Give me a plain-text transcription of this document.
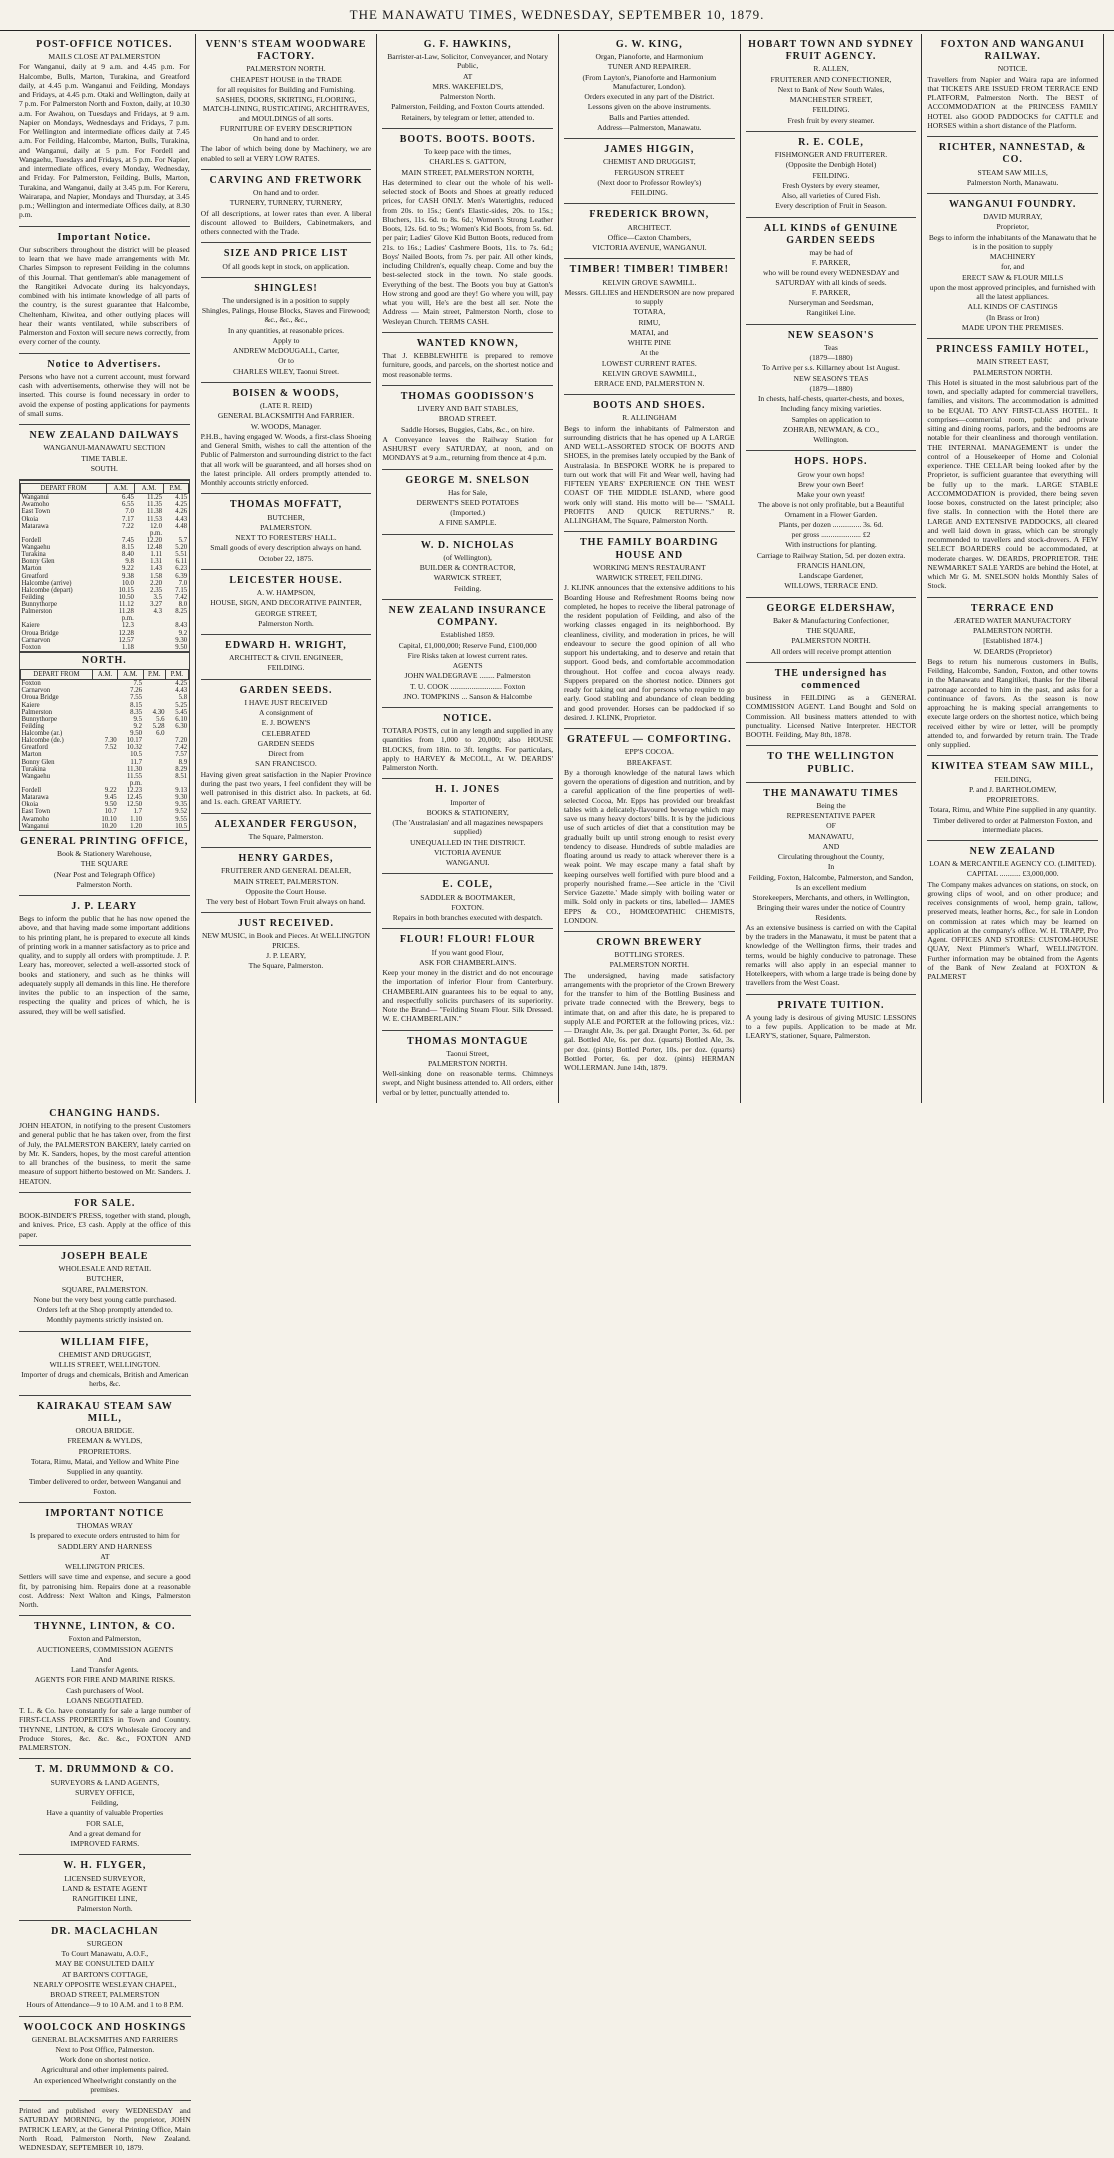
THE MANAWATU TIMES, WEDNESDAY, SEPTEMBER 10, 1879.

POST-OFFICE NOTICES.

MAILS CLOSE AT PALMERSTON

For Wanganui, daily at 9 a.m. and 4.45 p.m. For Halcombe, Bulls, Marton, Turakina, and Greatford daily, at 4.45 p.m. Wanganui and Feilding, Mondays and Fridays, at 4.45 p.m. Otaki and Wellington, daily at 7 p.m. For Palmerston North and Foxton, daily, at 10.30 a.m. For Awahou, on Tuesdays and Fridays, at 9 a.m. Napier on Mondays, Wednesdays and Fridays, 7 p.m. For Wellington and intermediate offices daily at 7.45 a.m. For Feilding, Halcombe, Marton, Bulls, Turakina, and Wanganui, daily at 5 p.m. For Fordell and Wangaehu, Tuesdays and Fridays, at 5 p.m. For Napier, and intermediate offices, every Monday, Wednesday, and Friday. For Palmerston, Feilding, Bulls, Marton, Turakina, and Wanganui, daily at 3.45 p.m. For Kereru, Wairarapa, and Napier, Mondays and Thursday, at 3.45 p.m.; Wellington and intermediate Offices daily, at 8.30 p.m.

Important Notice.

Our subscribers throughout the district will be pleased to learn that we have made arrangements with Mr. Charles Simpson to represent Feilding in the columns of this Journal. That gentleman's able management of the Rangitikei Advocate during its halcyondays, combined with his intimate knowledge of all parts of the country, is the surest guarantee that Halcombe, Cheltenham, Kiwitea, and other outlying places will hear their wants ventilated, while subscribers of Palmerston and Foxton will secure news correctly, from every corner of the county.

Notice to Advertisers.

Persons who have not a current account, must forward cash with advertisements, otherwise they will not be inserted. This course is found necessary in order to avoid the expense of posting applications for payments of small sums.

NEW ZEALAND DAILWAYS

WANGANUI-MANAWATU SECTION

TIME TABLE.

SOUTH.

DEPART FROM	A.M.	A.M.	P.M.
Wanganui	6.45	11.25	4.15
Awamoho	6.55	11.35	4.25
East Town	7.0	11.38	4.26
Okoia	7.17	11.53	4.43
Matarawa	7.22	12.0	4.48
		p.m.	
Fordell	7.45	12.20	5.7
Wangaehu	8.15	12.48	5.20
Turakina	8.40	1.11	5.51
Bonny Glen	9.8	1.31	6.11
Marton	9.22	1.43	6.23
Greatford	9.38	1.58	6.39
Halcombe (arrive)	10.0	2.20	7.0
Halcombe (depart)	10.15	2.35	7.15
Feilding	10.50	3.5	7.42
Bunnythorpe	11.12	3.27	8.0
Palmerston	11.28	4.3	8.25
	p.m.		
Kaiere	12.3		8.43
Oroua Bridge	12.28		9.2
Carnarvon	12.57		9.30
Foxton	1.18		9.50

NORTH.

DEPART FROM	A.M.	A.M.	P.M.	P.M.
Foxton		7.5		4.25
Carnarvon		7.26		4.43
Oroua Bridge		7.55		5.8
Kaiere		8.15		5.25
Palmerston		8.35	4.30	5.45
Bunnythorpe		9.5	5.6	6.10
Feilding		9.2	5.28	6.30
Halcombe (ar.)		9.50	6.0	
Halcombe (de.)	7.30	10.17		7.20
Greatford	7.52	10.32		7.42
Marton		10.5		7.57
Bonny Glen		11.7		8.9
Turakina		11.30		8.29
Wangaehu		11.55		8.51
		p.m.		
Fordell	9.22	12.23		9.13
Matarawa	9.45	12.45		9.30
Okoia	9.50	12.50		9.35
East Town	10.7	1.7		9.52
Awamoho	10.10	1.10		9.55
Wanganui	10.20	1.20		10.5

GENERAL PRINTING OFFICE,

Book & Stationery Warehouse,

THE SQUARE

(Near Post and Telegraph Office)

Palmerston North.

J. P. LEARY

Begs to inform the public that he has now opened the above, and that having made some important additions to his printing plant, he is prepared to execute all kinds of printing work in a manner satisfactory as to price and quality, and to supply all orders with promptitude. J. P. Leary has, moreover, selected a well-assorted stock of books and stationery, and such as he thinks will adequately supply all demands in this line. He therefore invites the public to an inspection of the same, respecting the quality and prices of which, he is assured, they will be well satisfied.

VENN'S STEAM WOODWARE FACTORY.

PALMERSTON NORTH.

CHEAPEST HOUSE in the TRADE

for all requisites for Building and Furnishing.

SASHES, DOORS, SKIRTING, FLOORING, MATCH-LINING, RUSTICATING, ARCHITRAVES, and MOULDINGS of all sorts.

FURNITURE OF EVERY DESCRIPTION

On hand and to order.

The labor of which being done by Machinery, we are enabled to sell at VERY LOW RATES.

CARVING AND FRETWORK

On hand and to order.

TURNERY, TURNERY, TURNERY,

Of all descriptions, at lower rates than ever. A liberal discount allowed to Builders, Cabinetmakers, and others connected with the Trade.

SIZE AND PRICE LIST

Of all goods kept in stock, on application.

SHINGLES!

The undersigned is in a position to supply

Shingles, Palings, House Blocks, Staves and Firewood; &c., &c., &c.,

In any quantities, at reasonable prices.

Apply to

ANDREW McDOUGALL, Carter,

Or to

CHARLES WILEY, Taonui Street.

BOISEN & WOODS,

(LATE R. REID)

GENERAL BLACKSMITH And FARRIER.

W. WOODS, Manager.

P.H.B., having engaged W. Woods, a first-class Shoeing and General Smith, wishes to call the attention of the Public of Palmerston and surrounding district to the fact that all work will be guaranteed, and all horses shod on the latest principle. All orders promptly attended to. Monthly accounts strictly enforced.

THOMAS MOFFATT,

BUTCHER,

PALMERSTON.

NEXT TO FORESTERS' HALL.

Small goods of every description always on hand.

October 22, 1875.

LEICESTER HOUSE.

A. W. HAMPSON,

HOUSE, SIGN, AND DECORATIVE PAINTER,

GEORGE STREET,

Palmerston North.

EDWARD H. WRIGHT,

ARCHITECT & CIVIL ENGINEER,

FEILDING.

GARDEN SEEDS.

I HAVE JUST RECEIVED

A consignment of

E. J. BOWEN'S

CELEBRATED

GARDEN SEEDS

Direct from

SAN FRANCISCO.

Having given great satisfaction in the Napier Province during the past two years, I feel confident they will be well patronised in this district also. In packets, at 6d. and 1s. each. GREAT VARIETY.

ALEXANDER FERGUSON,

The Square, Palmerston.

HENRY GARDES,

FRUITERER AND GENERAL DEALER,

MAIN STREET, PALMERSTON.

Opposite the Court House.

The very best of Hobart Town Fruit always on hand.

JUST RECEIVED.

NEW MUSIC, in Book and Pieces. At WELLINGTON PRICES.

J. P. LEARY,

The Square, Palmerston.

G. F. HAWKINS,

Barrister-at-Law, Solicitor, Conveyancer, and Notary Public,

AT

MRS. WAKEFIELD'S,

Palmerston North.

Palmerston, Feilding, and Foxton Courts attended.

Retainers, by telegram or letter, attended to.

BOOTS. BOOTS. BOOTS.

To keep pace with the times,

CHARLES S. GATTON,

MAIN STREET, PALMERSTON NORTH,

Has determined to clear out the whole of his well-selected stock of Boots and Shoes at greatly reduced prices, for CASH ONLY. Men's Watertights, reduced from 20s. to 15s.; Gent's Elastic-sides, 20s. to 15s.; Bluchers, 11s. 6d. to 8s. 6d.; Women's Strong Leather Boots, 12s. 6d. to 9s.; Women's Kid Boots, from 5s. 6d. per pair; Ladies' Glove Kid Button Boots, reduced from 21s. to 16s.; Ladies' Cashmere Boots, 11s. to 7s. 6d.; Boys' Nailed Boots, from 7s. per pair. All other kinds, including Children's, equally cheap. Come and buy the best-selected stock in the town. No stale goods. Everything of the best. The Boots you buy at Gatton's How strong and good are they! Go where you will, pay what you will, He's are the best all ser. Note the Address — Main street, Palmerston North, close to Wesleyan Church. TERMS CASH.

WANTED KNOWN,

That J. KEBBLEWHITE is prepared to remove furniture, goods, and parcels, on the shortest notice and most reasonable terms.

THOMAS GOODISSON'S

LIVERY AND BAIT STABLES,

BROAD STREET.

Saddle Horses, Buggies, Cabs, &c., on hire.

A Conveyance leaves the Railway Station for ASHURST every SATURDAY, at noon, and on MONDAYS at 9 a.m., returning from thence at 4 p.m.

GEORGE M. SNELSON

Has for Sale,

DERWENT'S SEED POTATOES

(Imported.)

A FINE SAMPLE.

W. D. NICHOLAS

(of Wellington),

BUILDER & CONTRACTOR,

WARWICK STREET,

Feilding.

NEW ZEALAND INSURANCE COMPANY.

Established 1859.

Capital, £1,000,000; Reserve Fund, £100,000

Fire Risks taken at lowest current rates.

AGENTS

JOHN WALDEGRAVE ........ Palmerston

T. U. COOK ........................... Foxton

JNO. TOMPKINS ... Sanson & Halcombe

NOTICE.

TOTARA POSTS, cut in any length and supplied in any quantities from 1,000 to 20,000; also HOUSE BLOCKS, from 18in. to 3ft. lengths. For particulars, apply to HARVEY & McCOLL, At W. DEARDS' Palmerston North.

H. I. JONES

Importer of

BOOKS & STATIONERY,

(The 'Australasian' and all magazines newspapers supplied)

UNEQUALLED IN THE DISTRICT.

VICTORIA AVENUE

WANGANUI.

E. COLE,

SADDLER & BOOTMAKER,

FOXTON.

Repairs in both branches executed with despatch.

FLOUR! FLOUR! FLOUR

If you want good Flour,

ASK FOR CHAMBERLAIN'S.

Keep your money in the district and do not encourage the importation of inferior Flour from Canterbury. CHAMBERLAIN guarantees his to be equal to any, and respectfully solicits purchasers of its superiority. Note the Brand— "Feilding Steam Flour. Silk Dressed. W. E. CHAMBERLAIN."

THOMAS MONTAGUE

Taonui Street,

PALMERSTON NORTH.

Well-sinking done on reasonable terms. Chimneys swept, and Night business attended to. All orders, either verbal or by letter, punctually attended to.

G. W. KING,

Organ, Pianoforte, and Harmonium

TUNER AND REPAIRER.

(From Layton's, Pianoforte and Harmonium Manufacturer, London).

Orders executed in any part of the District.

Lessons given on the above instruments.

Balls and Parties attended.

Address—Palmerston, Manawatu.

JAMES HIGGIN,

CHEMIST AND DRUGGIST,

FERGUSON STREET

(Next door to Professor Rowley's)

FEILDING.

FREDERICK BROWN,

ARCHITECT.

Office—Caxton Chambers,

VICTORIA AVENUE, WANGANUI.

TIMBER! TIMBER! TIMBER!

KELVIN GROVE SAWMILL.

Messrs. GILLIES and HENDERSON are now prepared to supply

TOTARA,

RIMU,

MATAI, and

WHITE PINE

At the

LOWEST CURRENT RATES.

KELVIN GROVE SAWMILL,

ERRACE END, PALMERSTON N.

BOOTS AND SHOES.

R. ALLINGHAM

Begs to inform the inhabitants of Palmerston and surrounding districts that he has opened up A LARGE AND WELL-ASSORTED STOCK OF BOOTS AND SHOES, in the premises lately occupied by the Bank of Australasia. In BESPOKE WORK he is prepared to turn out work that will Fit and Wear well, having had FIFTEEN YEARS' EXPERIENCE ON THE WEST COAST OF THE MIDDLE ISLAND, where good work only will stand. His motto will be— "SMALL PROFITS AND QUICK RETURNS." R. ALLINGHAM, The Square, Palmerston North.

THE FAMILY BOARDING HOUSE AND

WORKING MEN'S RESTAURANT

WARWICK STREET, FEILDING.

J. KLINK announces that the extensive additions to his Boarding House and Refreshment Rooms being now completed, he hopes to receive the liberal patronage of the resident population of Feilding, and also of the working classes engaged in its neighborhood. By cleanliness, civility, and moderation in prices, he will endeavour to secure the good opinion of all who support his undertaking, and to deserve and retain that support. Good beds, and comfortable accommodation throughout. Hot coffee and cocoa always ready. Suppers prepared on the shortest notice. Dinners got ready for taking out and for persons who require to go early. Good stabling and abundance of clean bedding and good provender. Horses can be paddocked if so desired. J. KLINK, Proprietor.

GRATEFUL — COMFORTING.

EPP'S COCOA.

BREAKFAST.

By a thorough knowledge of the natural laws which govern the operations of digestion and nutrition, and by a careful application of the fine properties of well-selected Cocoa, Mr. Epps has provided our breakfast tables with a delicately-flavoured beverage which may save us many heavy doctors' bills. It is by the judicious use of such articles of diet that a constitution may be gradually built up until strong enough to resist every tendency to disease. Hundreds of subtle maladies are floating around us ready to attack wherever there is a weak point. We may escape many a fatal shaft by keeping ourselves well fortified with pure blood and a properly nourished frame.—See article in the 'Civil Service Gazette.' Made simply with boiling water or milk. Sold only in packets or tins, labelled— JAMES EPPS & CO., HOMŒOPATHIC CHEMISTS, LONDON.

CROWN BREWERY

BOTTLING STORES.

PALMERSTON NORTH.

The undersigned, having made satisfactory arrangements with the proprietor of the Crown Brewery for the transfer to him of the Bottling Business and private trade connected with the Brewery, begs to intimate that, on and after this date, he is prepared to supply ALE and PORTER at the following prices, viz.:— Draught Ale, 3s. per gal. Draught Porter, 3s. 6d. per gal. Bottled Ale, 6s. per doz. (quarts) Bottled Ale, 3s. per doz. (pints) Bottled Porter, 10s. per doz. (quarts) Bottled Porter, 6s. per doz. (pints) HERMAN WOLLERMAN. June 14th, 1879.

HOBART TOWN AND SYDNEY FRUIT AGENCY.

R. ALLEN,

FRUITERER AND CONFECTIONER,

Next to Bank of New South Wales,

MANCHESTER STREET,

FEILDING.

Fresh fruit by every steamer.

R. E. COLE,

FISHMONGER AND FRUITERER.

(Opposite the Denbigh Hotel)

FEILDING.

Fresh Oysters by every steamer,

Also, all varieties of Cured Fish.

Every description of Fruit in Season.

ALL KINDS of GENUINE GARDEN SEEDS

may be had of

F. PARKER,

who will be round every WEDNESDAY and SATURDAY with all kinds of seeds.

F. PARKER,

Nurseryman and Seedsman,

Rangitikei Line.

NEW SEASON'S

Teas

(1879—1880)

To Arrive per s.s. Killarney about 1st August.

NEW SEASON'S TEAS

(1879—1880)

In chests, half-chests, quarter-chests, and boxes,

Including fancy mixing varieties.

Samples on application to

ZOHRAB, NEWMAN, & CO.,

Wellington.

HOPS. HOPS.

Grow your own hops!

Brew your own Beer!

Make your own yeast!

The above is not only profitable, but a Beautiful Ornament in a Flower Garden.

Plants, per dozen ............... 3s. 6d.

per gross ..................... £2

With instructions for planting.

Carriage to Railway Station, 5d. per dozen extra.

FRANCIS HANLON,

Landscape Gardener,

WILLOWS, TERRACE END.

GEORGE ELDERSHAW,

Baker & Manufacturing Confectioner,

THE SQUARE,

PALMERSTON NORTH.

All orders will receive prompt attention

THE undersigned has commenced

business in FEILDING as a GENERAL COMMISSION AGENT. Land Bought and Sold on Commission. All business matters attended to with punctuality. Licensed Native Interpreter. HECTOR BOOTH. Feilding, May 8th, 1878.

TO THE WELLINGTON PUBLIC.

THE MANAWATU TIMES

Being the

REPRESENTATIVE PAPER

OF

MANAWATU,

AND

Circulating throughout the County,

In

Feilding, Foxton, Halcombe, Palmerston, and Sandon,

Is an excellent medium

Storekeepers, Merchants, and others, in Wellington,

Bringing their wares under the notice of Country Residents.

As an extensive business is carried on with the Capital by the traders in the Manawatu, it must be patent that a knowledge of the Wellington firms, their trades and terms, would be highly conducive to patronage. These remarks will also apply in an especial manner to Hotelkeepers, with whom a large trade is being done by travellers from the West Coast.

PRIVATE TUITION.

A young lady is desirous of giving MUSIC LESSONS to a few pupils. Application to be made at Mr. LEARY'S, stationer, Square, Palmerston.

FOXTON AND WANGANUI RAILWAY.

NOTICE.

Travellers from Napier and Waira rapa are informed that TICKETS ARE ISSUED FROM TERRACE END PLATFORM, Palmerston North. The BEST of ACCOMMODATION at the PRINCESS FAMILY HOTEL also GOOD PADDOCKS for CATTLE and HORSES within a short distance of the Platform.

RICHTER, NANNESTAD, & CO.

STEAM SAW MILLS,

Palmerston North, Manawatu.

WANGANUI FOUNDRY.

DAVID MURRAY,

Proprietor,

Begs to inform the inhabitants of the Manawatu that he is in the position to supply

MACHINERY

for, and

ERECT SAW & FLOUR MILLS

upon the most approved principles, and furnished with all the latest appliances.

ALL KINDS OF CASTINGS

(In Brass or Iron)

MADE UPON THE PREMISES.

PRINCESS FAMILY HOTEL,

MAIN STREET EAST,

PALMERSTON NORTH.

This Hotel is situated in the most salubrious part of the town, and specially adapted for commercial travellers, families, and visitors. The accommodation is admitted to be EQUAL TO ANY FIRST-CLASS HOTEL. It comprises—commercial room, public and private sitting and dining rooms, parlors, and the bedrooms are notable for their cleanliness and thorough ventilation. THE INTERNAL MANAGEMENT is under the control of a Housekeeper of Home and Colonial experience. THE CELLAR being looked after by the Proprietor, is sufficient guarantee that everything will be fully up to the mark. LARGE STABLE ACCOMMODATION is provided, there being seven loose boxes, constructed on the latest principle; also five stalls. In connection with the Hotel there are LARGE AND EXTENSIVE PADDOCKS, all cleared and well laid down in grass, which can be strongly recommended to travellers and stock-drovers. A FEW SELECT BOARDERS could be accommodated, at moderate charges. W. DEARDS, PROPRIETOR. THE NEWMARKET SALE YARDS are behind the Hotel, at which Mr G. M. SNELSON holds Monthly Sales of Stock.

TERRACE END

ÆRATED WATER MANUFACTORY

PALMERSTON NORTH.

[Established 1874.]

W. DEARDS (Proprietor)

Begs to return his numerous customers in Bulls, Feilding, Halcombe, Sandon, Foxton, and other towns in the Manawatu and Rangitikei, thanks for the liberal patronage accorded to him in the past, and asks for a continuance of favors. As the season is now approaching he is making special arrangements to execute large orders on the shortest notice, which being received either by wire or letter, will be promptly attended to, and forwarded by return train. The Trade only supplied.

KIWITEA STEAM SAW MILL,

FEILDING,

P. and J. BARTHOLOMEW,

PROPRIETORS.

Totara, Rimu, and White Pine supplied in any quantity.

Timber delivered to order at Palmerston Foxton, and intermediate places.

NEW ZEALAND

LOAN & MERCANTILE AGENCY CO. (LIMITED).

CAPITAL ........... £3,000,000.

The Company makes advances on stations, on stock, on growing clips of wool, and on other produce; and receives consignments of wool, hemp grain, tallow, preserved meats, leather horns, &c., for sale in London on commission at rates which may be learned on application at the company's office. W. H. TRAPP, Pro Agent. OFFICES AND STORES: CUSTOM-HOUSE QUAY, Next Plimmer's Wharf, WELLINGTON. Further information may be obtained from the Agents of the Bank of New Zealand at FOXTON & PALMERST

CHANGING HANDS.

JOHN HEATON, in notifying to the present Customers and general public that he has taken over, from the first of July, the PALMERSTON BAKERY, lately carried on by Mr. K. Sanders, hopes, by the most careful attention to all branches of the business, to merit the same measure of support hitherto bestowed on Mr. Sanders. J. HEATON.

FOR SALE.

BOOK-BINDER'S PRESS, together with stand, plough, and knives. Price, £3 cash. Apply at the office of this paper.

JOSEPH BEALE

WHOLESALE AND RETAIL

BUTCHER,

SQUARE, PALMERSTON.

None but the very best young cattle purchased.

Orders left at the Shop promptly attended to.

Monthly payments strictly insisted on.

WILLIAM FIFE,

CHEMIST AND DRUGGIST,

WILLIS STREET, WELLINGTON.

Importer of drugs and chemicals, British and American herbs, &c.

KAIRAKAU STEAM SAW MILL,

OROUA BRIDGE.

FREEMAN & WYLDS,

PROPRIETORS.

Totara, Rimu, Matai, and Yellow and White Pine

Supplied in any quantity.

Timber delivered to order, between Wanganui and Foxton.

IMPORTANT NOTICE

THOMAS WRAY

Is prepared to execute orders entrusted to him for

SADDLERY AND HARNESS

AT

WELLINGTON PRICES.

Settlers will save time and expense, and secure a good fit, by patronising him. Repairs done at a reasonable cost. Address: Next Walton and Kings, Palmerston North.

THYNNE, LINTON, & CO.

Foxton and Palmerston,

AUCTIONEERS, COMMISSION AGENTS

And

Land Transfer Agents.

AGENTS FOR FIRE AND MARINE RISKS.

Cash purchasers of Wool.

LOANS NEGOTIATED.

T. L. & Co. have constantly for sale a large number of FIRST-CLASS PROPERTIES in Town and Country. THYNNE, LINTON, & CO'S Wholesale Grocery and Produce Stores, &c. &c. &c., FOXTON AND PALMERSTON.

T. M. DRUMMOND & CO.

SURVEYORS & LAND AGENTS,

SURVEY OFFICE,

Feilding,

Have a quantity of valuable Properties

FOR SALE,

And a great demand for

IMPROVED FARMS.

W. H. FLYGER,

LICENSED SURVEYOR,

LAND & ESTATE AGENT

RANGITIKEI LINE,

Palmerston North.

DR. MACLACHLAN

SURGEON

To Court Manawatu, A.O.F.,

MAY BE CONSULTED DAILY

AT BARTON'S COTTAGE,

NEARLY OPPOSITE WESLEYAN CHAPEL,

BROAD STREET, PALMERSTON

Hours of Attendance—9 to 10 A.M. and 1 to 8 P.M.

WOOLCOCK AND HOSKINGS

GENERAL BLACKSMITHS AND FARRIERS

Next to Post Office, Palmerston.

Work done on shortest notice.

Agricultural and other implements paired.

An experienced Wheelwright constantly on the premises.

Printed and published every WEDNESDAY and SATURDAY MORNING, by the proprietor, JOHN PATRICK LEARY, at the General Printing Office, Main North Road, Palmerston North, New Zealand. WEDNESDAY, SEPTEMBER 10, 1879.
